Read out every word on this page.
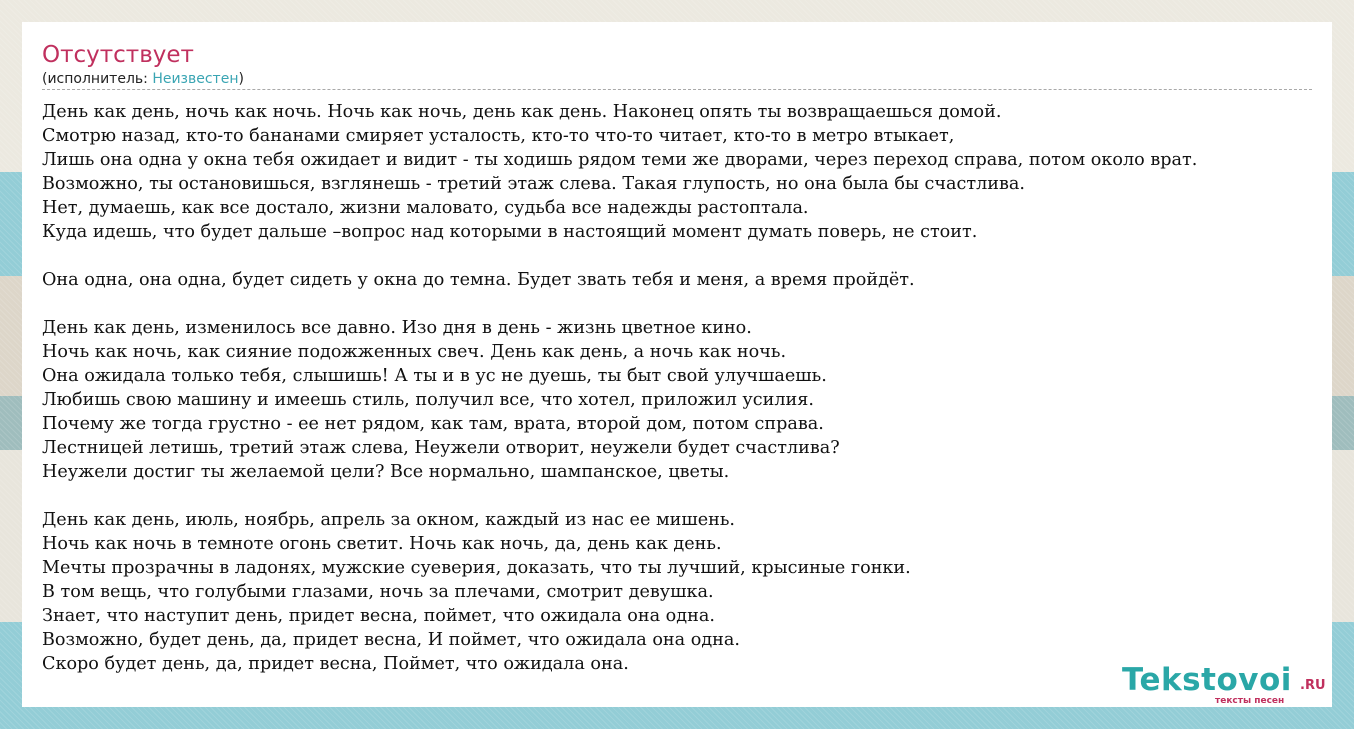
Отсутствует
(исполнитель: Неизвестен)
День как день, ночь как ночь. Ночь как ночь, день как день. Наконец опять ты возвращаешься домой.
Смотрю назад, кто-то бананами смиряет усталость, кто-то что-то читает, кто-то в метро втыкает,
Лишь она одна у окна тебя ожидает и видит - ты ходишь рядом теми же дворами, через переход справа, потом около врат.
Возможно, ты остановишься, взглянешь - третий этаж слева. Такая глупость, но она была бы счастлива.
Нет, думаешь, как все достало, жизни маловато, судьба все надежды растоптала.
Куда идешь, что будет дальше –вопрос над которыми в настоящий момент думать поверь, не стоит.
Она одна, она одна, будет сидеть у окна до темна. Будет звать тебя и меня, а время пройдёт.
День как день, изменилось все давно. Изо дня в день - жизнь цветное кино.
Ночь как ночь, как сияние подожженных свеч. День как день, а ночь как ночь.
Она ожидала только тебя, слышишь! А ты и в ус не дуешь, ты быт свой улучшаешь.
Любишь свою машину и имеешь стиль, получил все, что хотел, приложил усилия.
Почему же тогда грустно - ее нет рядом, как там, врата, второй дом, потом справа.
Лестницей летишь, третий этаж слева, Неужели отворит, неужели будет счастлива?
Неужели достиг ты желаемой цели? Все нормально, шампанское, цветы.
День как день, июль, ноябрь, апрель за окном, каждый из нас ее мишень.
Ночь как ночь в темноте огонь светит. Ночь как ночь, да, день как день.
Мечты прозрачны в ладонях, мужские суеверия, доказать, что ты лучший, крысиные гонки.
В том вещь, что голубыми глазами, ночь за плечами, смотрит девушка.
Знает, что наступит день, придет весна, поймет, что ожидала она одна.
Возможно, будет день, да, придет весна, И поймет, что ожидала она одна.
Скоро будет день, да, придет весна, Поймет, что ожидала она.	Tekstovoi .RU
тексты песен
